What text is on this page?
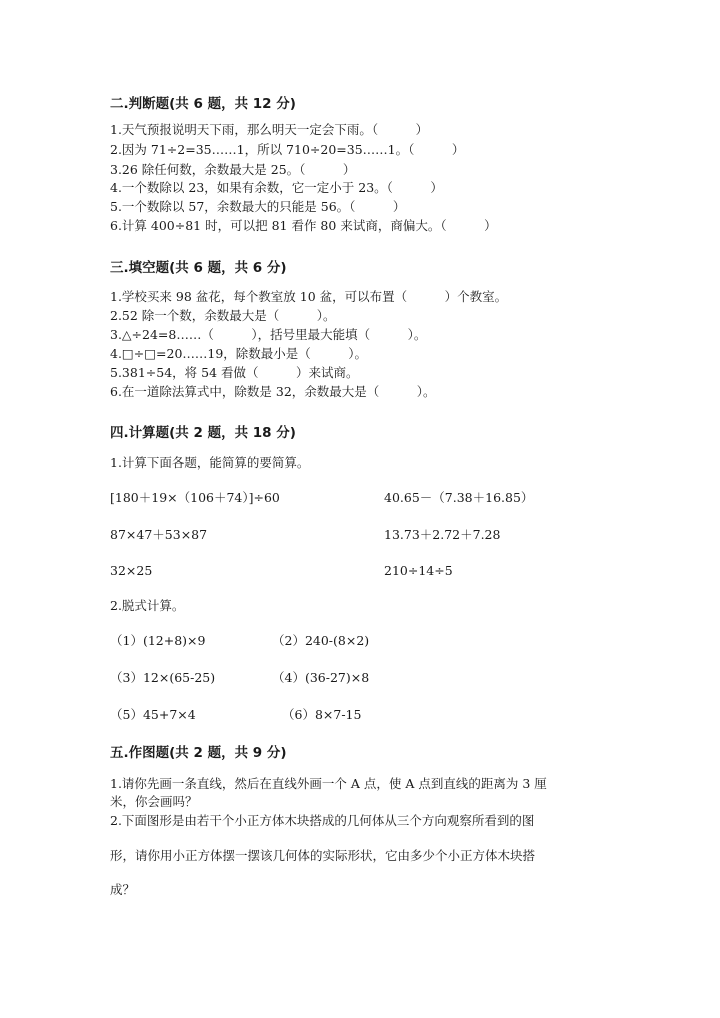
二.判断题(共 6 题，共 12 分)
1.天气预报说明天下雨，那么明天一定会下雨。（　　　）
2.因为 71÷2=35……1，所以 710÷20=35……1。（　　　）
3.26 除任何数，余数最大是 25。（　　　）
4.一个数除以 23，如果有余数，它一定小于 23。（　　　）
5.一个数除以 57，余数最大的只能是 56。（　　　）
6.计算 400÷81 时，可以把 81 看作 80 来试商，商偏大。（　　　）
三.填空题(共 6 题，共 6 分)
1.学校买来 98 盆花，每个教室放 10 盆，可以布置（　　　）个教室。
2.52 除一个数，余数最大是（　　　）。
3.△÷24=8……（　　　），括号里最大能填（　　　）。
4.□÷□=20……19，除数最小是（　　　）。
5.381÷54，将 54 看做（　　　）来试商。
6.在一道除法算式中，除数是 32，余数最大是（　　　）。
四.计算题(共 2 题，共 18 分)
1.计算下面各题，能简算的要简算。
[180＋19×（106＋74）]÷60	40.65－（7.38＋16.85）
87×47＋53×87	13.73＋2.72＋7.28
32×25	210÷14÷5
2.脱式计算。
（1）(12+8)×9	（2）240-(8×2)
（3）12×(65-25)	（4）(36-27)×8
（5）45+7×4	（6）8×7-15
五.作图题(共 2 题，共 9 分)
1.请你先画一条直线，然后在直线外画一个 A 点，使 A 点到直线的距离为 3 厘
米，你会画吗？
2.下面图形是由若干个小正方体木块搭成的几何体从三个方向观察所看到的图
形，请你用小正方体摆一摆该几何体的实际形状，它由多少个小正方体木块搭
成？
